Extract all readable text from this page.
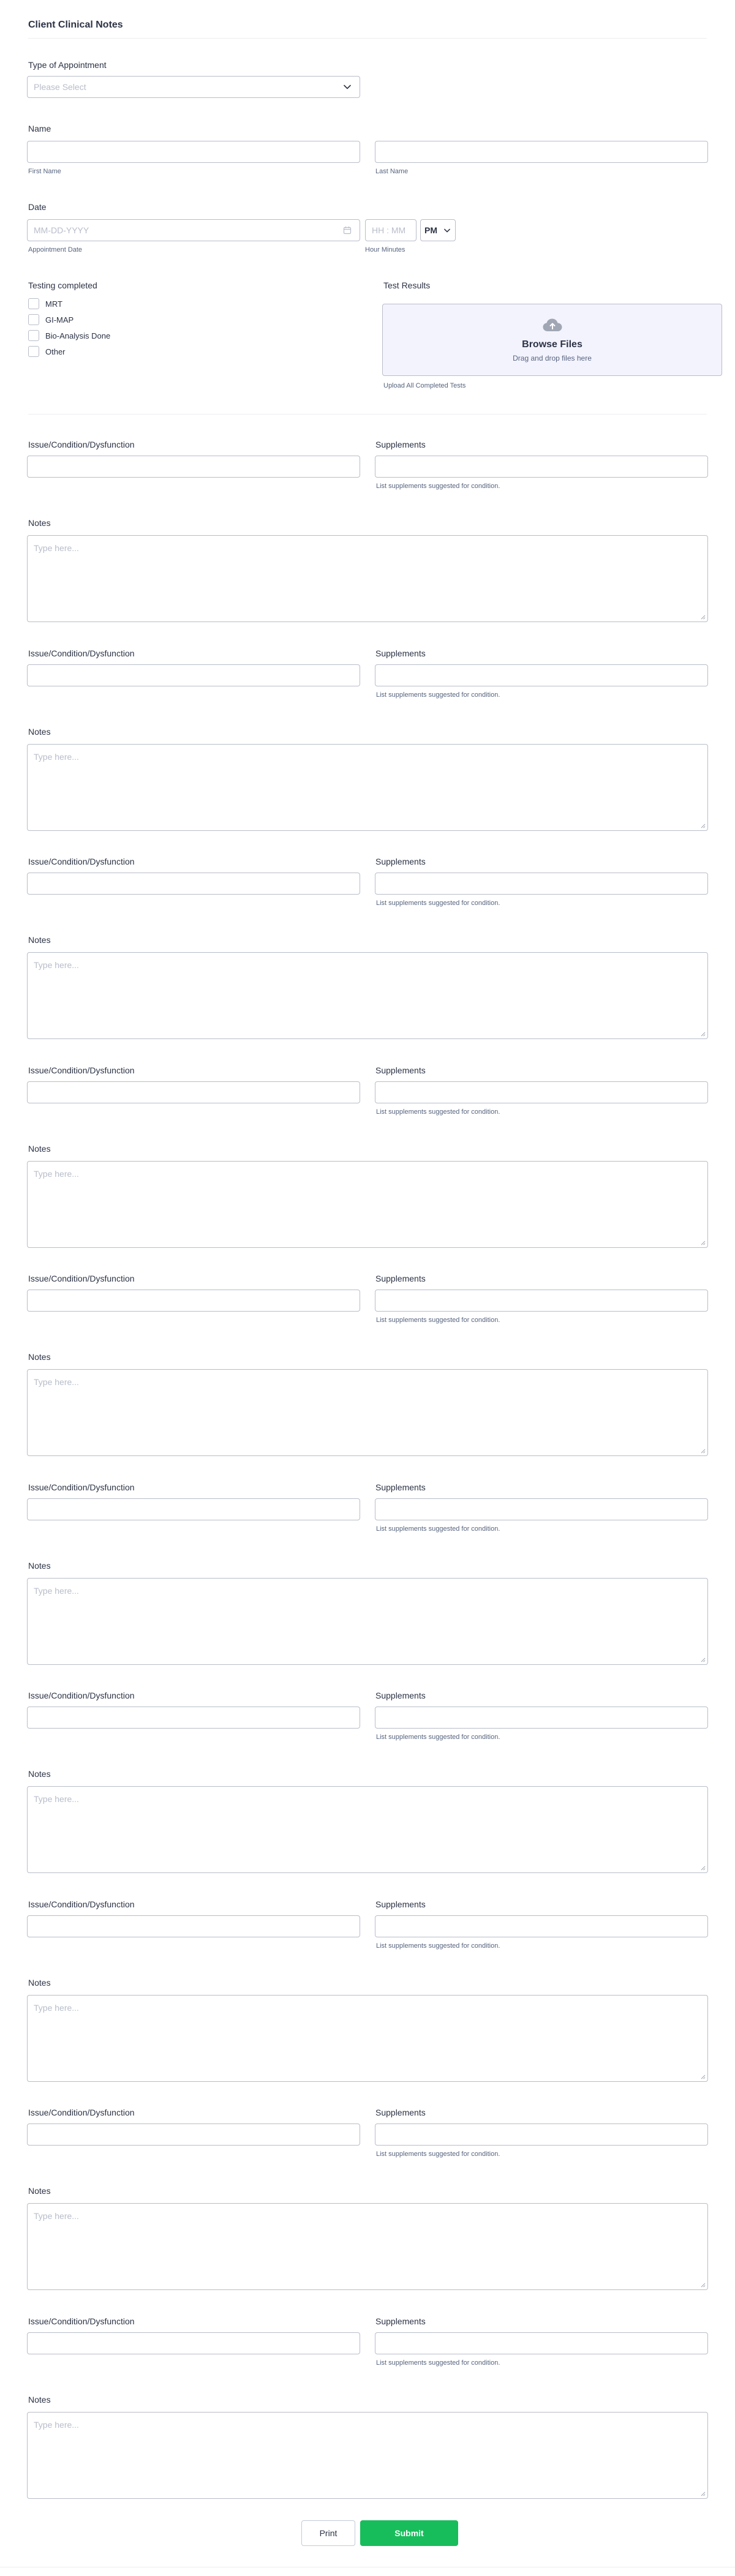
Client Clinical Notes
Type of Appointment
Please Select
Name
First Name	Last Name
Date
MM-DD-YYYY
Appointment Date
HH : MM
Hour Minutes
PM
Testing completed
MRT
GI-MAP
Bio-Analysis Done
Other
Test Results
Browse Files
Drag and drop files here
Upload All Completed Tests
Issue/Condition/Dysfunction	Supplements
List supplements suggested for condition.
Notes
Type here...
Issue/Condition/Dysfunction	Supplements
List supplements suggested for condition.
Notes
Type here...
Issue/Condition/Dysfunction	Supplements
List supplements suggested for condition.
Notes
Type here...
Issue/Condition/Dysfunction	Supplements
List supplements suggested for condition.
Notes
Type here...
Issue/Condition/Dysfunction	Supplements
List supplements suggested for condition.
Notes
Type here...
Issue/Condition/Dysfunction	Supplements
List supplements suggested for condition.
Notes
Type here...
Issue/Condition/Dysfunction	Supplements
List supplements suggested for condition.
Notes
Type here...
Issue/Condition/Dysfunction	Supplements
List supplements suggested for condition.
Notes
Type here...
Issue/Condition/Dysfunction	Supplements
List supplements suggested for condition.
Notes
Type here...
Issue/Condition/Dysfunction	Supplements
List supplements suggested for condition.
Notes
Type here...
Print	Submit
